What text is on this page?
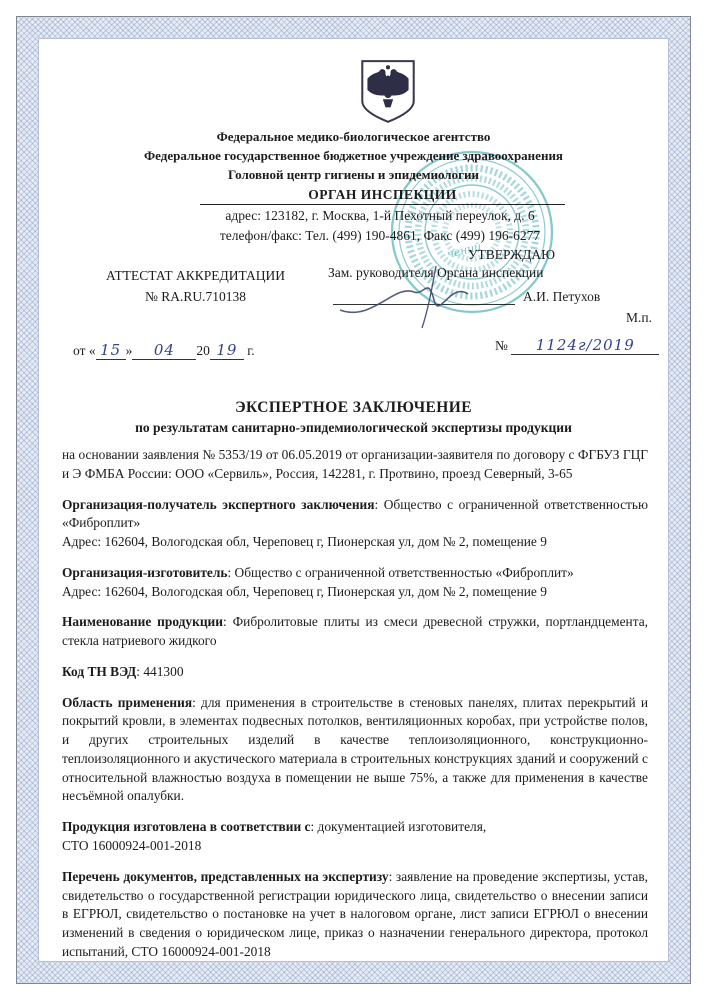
Федеральное медико-биологическое агентство
Федеральное государственное бюджетное учреждение здравоохранения
Головной центр гигиены и эпидемиологии
ОРГАН ИНСПЕКЦИИ
адрес: 123182, г. Москва, 1-й Пехотный переулок, д. 6
телефон/факс: Тел. (499) 190-4861, Факс (499) 196-6277
АТТЕСТАТ АККРЕДИТАЦИИ
№ RA.RU.710138
УТВЕРЖДАЮ
Зам. руководителя Органа инспекции
А.И. Петухов
М.п.
чений
от « 15 » 04 20 19 г.	№ 1124г/2019
ЭКСПЕРТНОЕ ЗАКЛЮЧЕНИЕ
по результатам санитарно-эпидемиологической экспертизы продукции

на основании заявления № 5353/19 от 06.05.2019 от организации-заявителя по договору с ФГБУЗ ГЦГ и Э ФМБА России: ООО «Сервиль», Россия, 142281, г. Протвино, проезд Северный, 3-65

Организация-получатель экспертного заключения: Общество с ограниченной ответственностью «Фиброплит»
Адрес: 162604, Вологодская обл, Череповец г, Пионерская ул, дом № 2, помещение 9

Организация-изготовитель: Общество с ограниченной ответственностью «Фиброплит»
Адрес: 162604, Вологодская обл, Череповец г, Пионерская ул, дом № 2, помещение 9

Наименование продукции: Фибролитовые плиты из смеси древесной стружки, портландцемента, стекла натриевого жидкого

Код ТН ВЭД: 441300

Область применения: для применения в строительстве в стеновых панелях, плитах перекрытий и покрытий кровли, в элементах подвесных потолков, вентиляционных коробах, при устройстве полов, и других строительных изделий в качестве теплоизоляционного, конструкционно-теплоизоляционного и акустического материала в строительных конструкциях зданий и сооружений с относительной влажностью воздуха в помещении не выше 75%, а также для применения в качестве несъёмной опалубки.

Продукция изготовлена в соответствии с: документацией изготовителя,
СТО 16000924-001-2018

Перечень документов, представленных на экспертизу: заявление на проведение экспертизы, устав, свидетельство о государственной регистрации юридического лица, свидетельство о внесении записи в ЕГРЮЛ, свидетельство о постановке на учет в налоговом органе, лист записи ЕГРЮЛ о внесении изменений в сведения о юридическом лице, приказ о назначении генерального директора, протокол испытаний, СТО 16000924-001-2018
